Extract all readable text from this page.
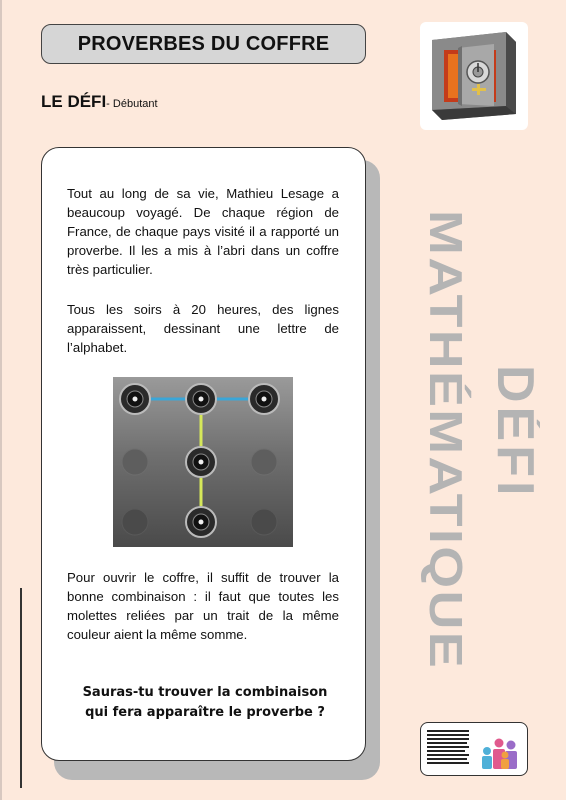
PROVERBES DU COFFRE
LE DÉFI- Débutant

Tout au long de sa vie, Mathieu Lesage a beaucoup voyagé. De chaque région de France, de chaque pays visité il a rapporté un proverbe. Il les a mis à l’abri dans un coffre très particulier.

Tous les soirs à 20 heures, des lignes apparaissent, dessinant une lettre de l’alphabet.

Pour ouvrir le coffre, il suffit de trouver la bonne combinaison : il faut que toutes les molettes reliées par un trait de la même couleur aient la même somme.

Sauras-tu trouver la combinaison
qui fera apparaître le proverbe ?
DÉFI
MATHÉMATIQUE
